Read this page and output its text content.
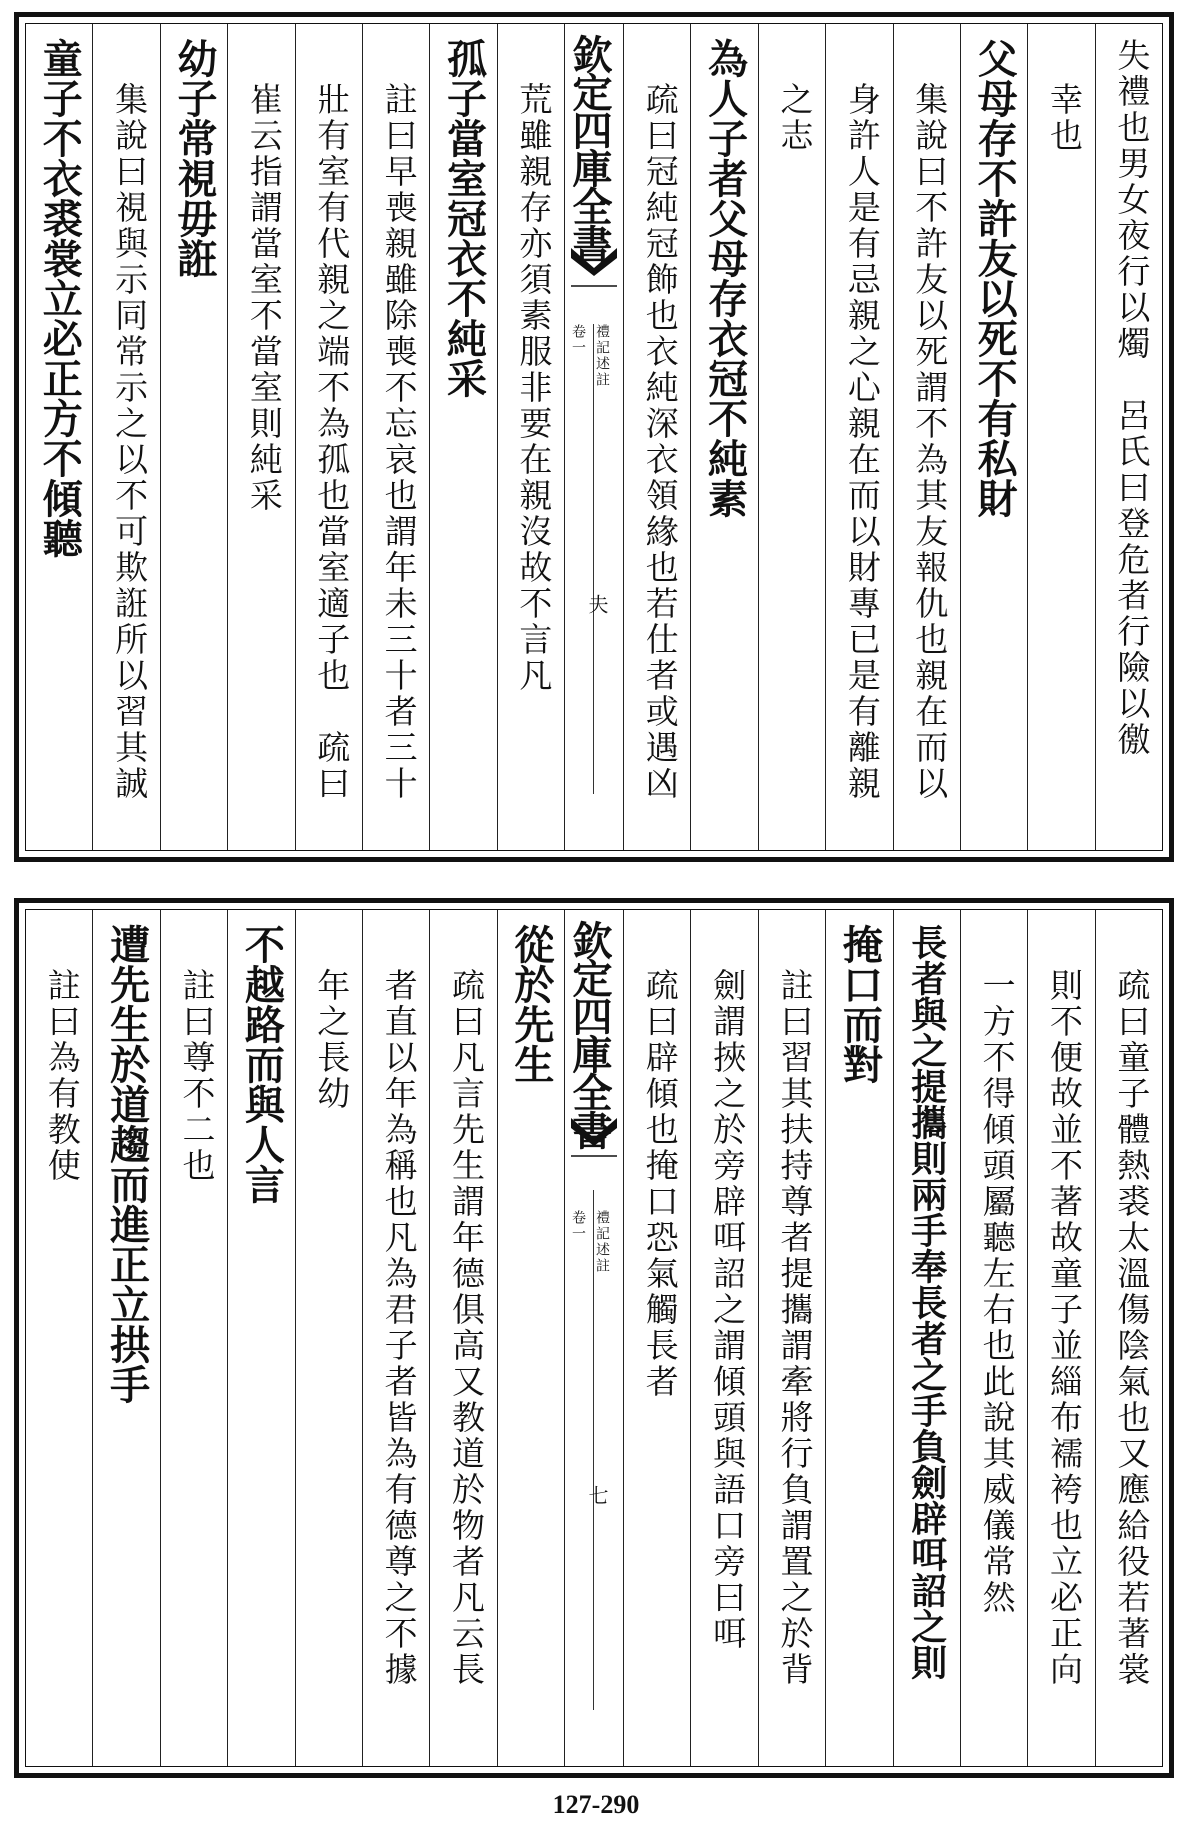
失禮也男女夜行以燭　呂氏曰登危者行險以徼
幸也
父母存不許友以死不有私財
集說曰不許友以死謂不為其友報仇也親在而以
身許人是有忌親之心親在而以財專已是有離親
之志
為人子者父母存衣冠不純素
疏曰冠純冠飾也衣純深衣領緣也若仕者或遇凶
欽定四庫全書
禮記述註
卷一
夫
荒雖親存亦須素服非要在親沒故不言凡
孤子當室冠衣不純采
註曰早喪親雖除喪不忘哀也謂年未三十者三十
壯有室有代親之端不為孤也當室適子也　疏曰
崔云指謂當室不當室則純采
幼子常視毋誑
集說曰視與示同常示之以不可欺誑所以習其誠
童子不衣裘裳立必正方不傾聽
疏曰童子體熱裘太溫傷陰氣也又應給役若著裳
則不便故並不著故童子並緇布襦袴也立必正向
一方不得傾頭屬聽左右也此說其威儀常然
長者與之提攜則兩手奉長者之手負劍辟咡詔之則
掩口而對
註曰習其扶持尊者提攜謂牽將行負謂置之於背
劍謂挾之於旁辟咡詔之謂傾頭與語口旁曰咡
疏曰辟傾也掩口恐氣觸長者
欽定四庫全書
禮記述註
卷一
七
從於先生
疏曰凡言先生謂年德俱高又教道於物者凡云長
者直以年為稱也凡為君子者皆為有德尊之不據
年之長幼
不越路而與人言
註曰尊不二也
遭先生於道趨而進正立拱手
註曰為有教使
127-290
